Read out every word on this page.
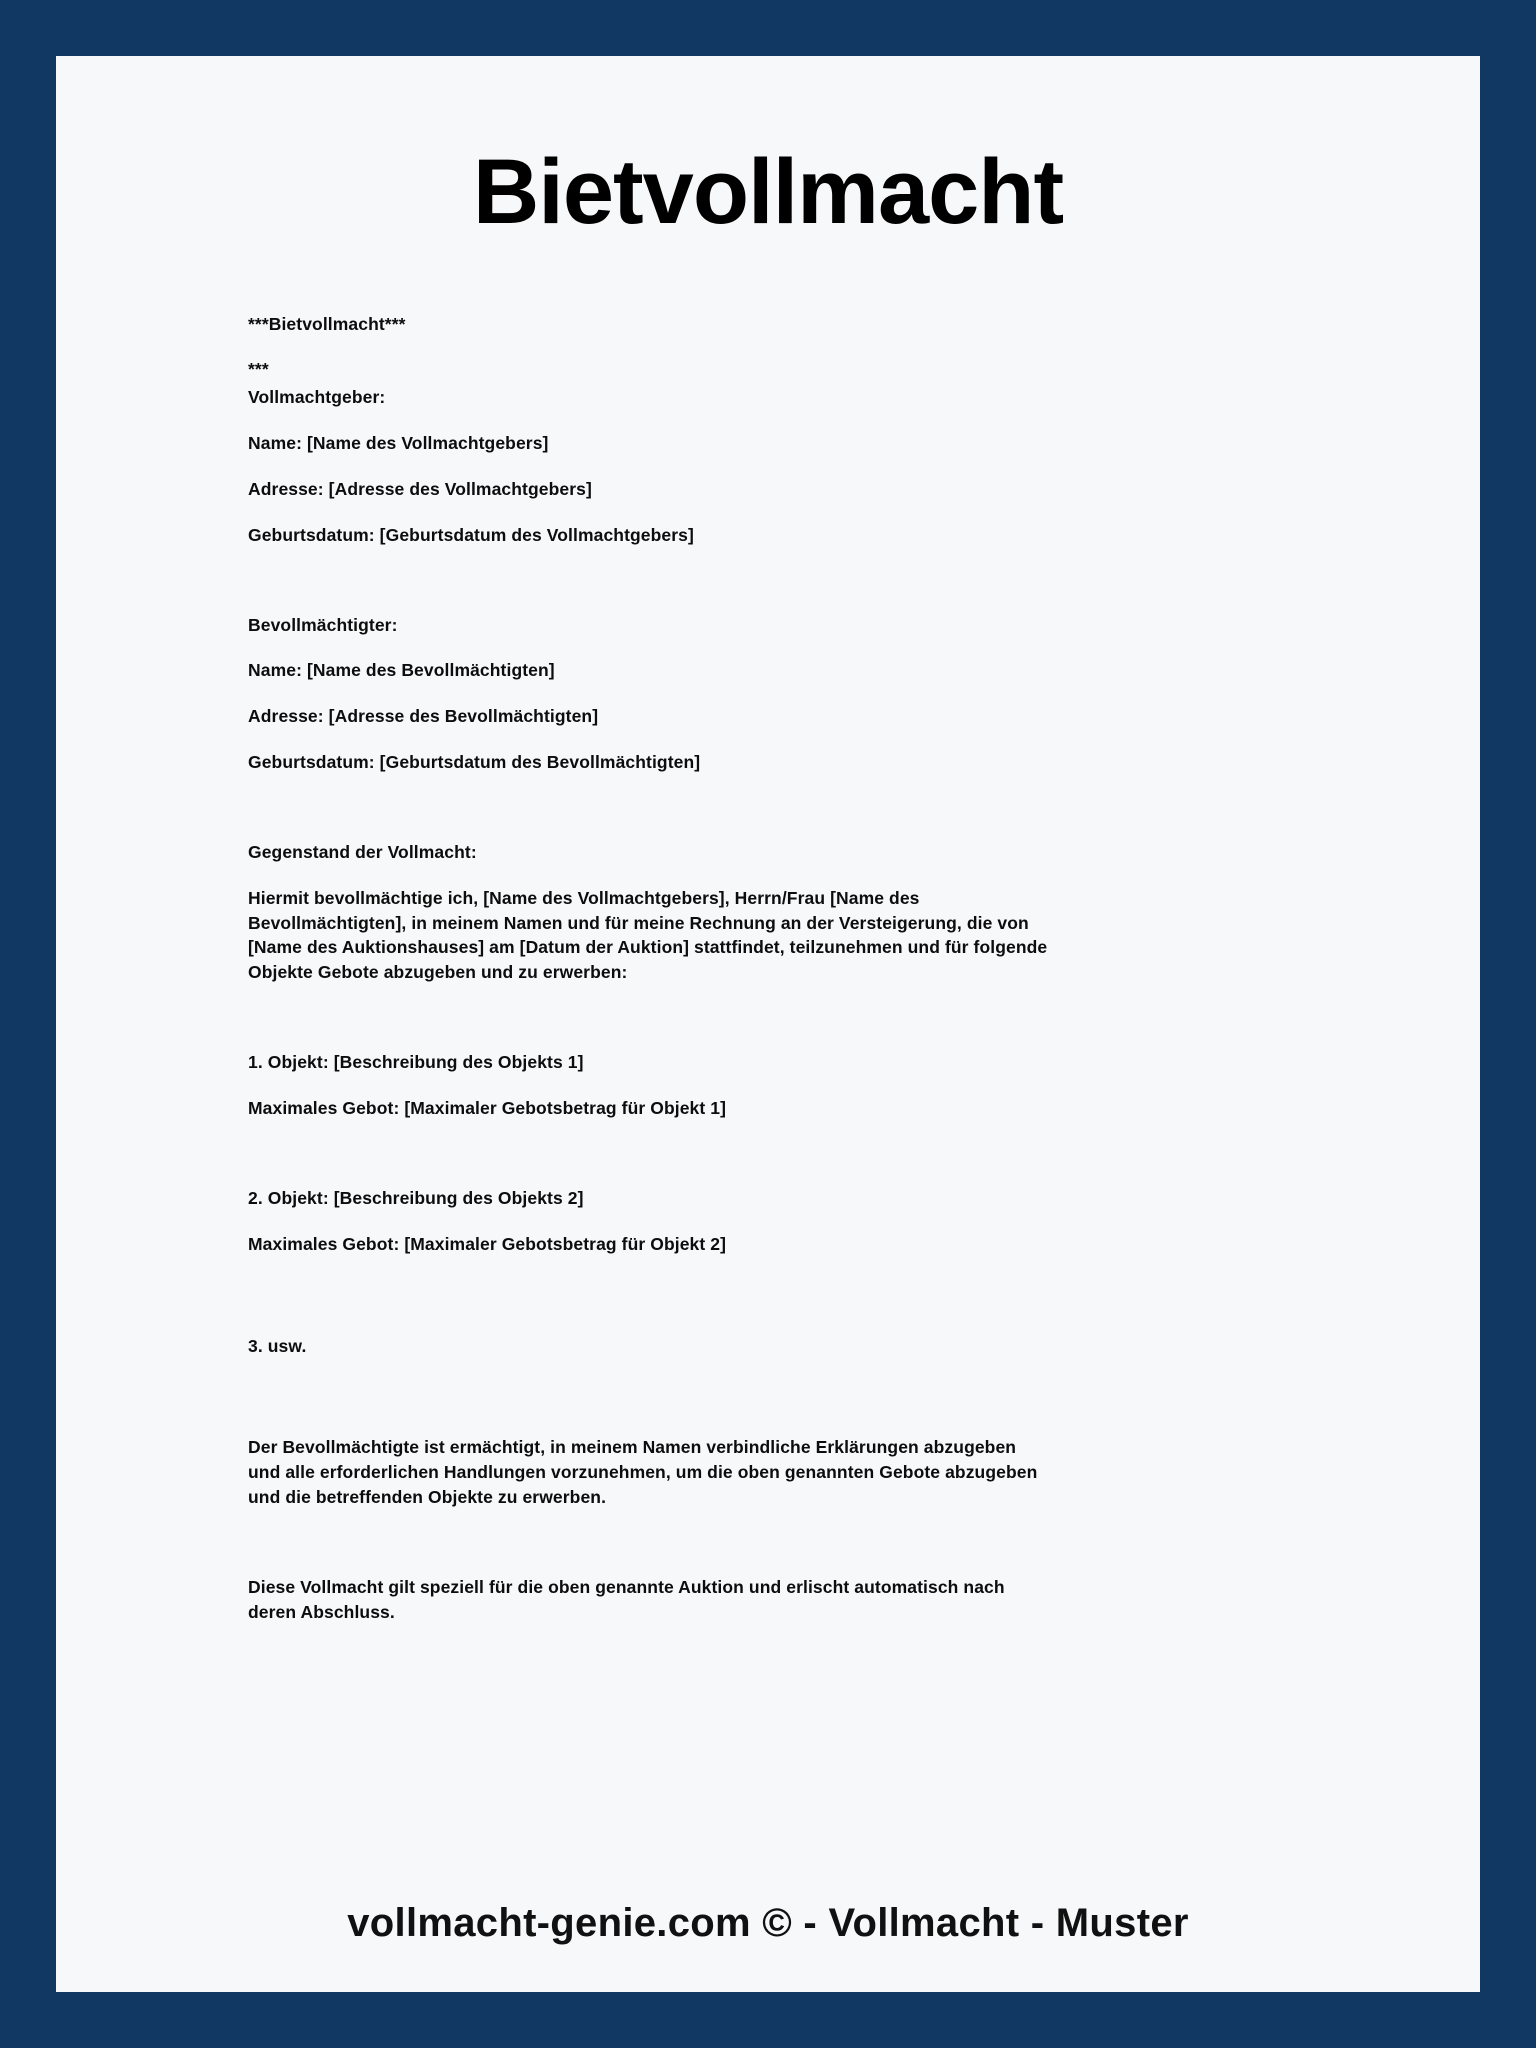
Bietvollmacht

***Bietvollmacht***

***

Vollmachtgeber:

Name: [Name des Vollmachtgebers]

Adresse: [Adresse des Vollmachtgebers]

Geburtsdatum: [Geburtsdatum des Vollmachtgebers]

Bevollmächtigter:

Name: [Name des Bevollmächtigten]

Adresse: [Adresse des Bevollmächtigten]

Geburtsdatum: [Geburtsdatum des Bevollmächtigten]

Gegenstand der Vollmacht:

Hiermit bevollmächtige ich, [Name des Vollmachtgebers], Herrn/Frau [Name des Bevollmächtigten], in meinem Namen und für meine Rechnung an der Versteigerung, die von [Name des Auktionshauses] am [Datum der Auktion] stattfindet, teilzunehmen und für folgende Objekte Gebote abzugeben und zu erwerben:

1. Objekt: [Beschreibung des Objekts 1]

Maximales Gebot: [Maximaler Gebotsbetrag für Objekt 1]

2. Objekt: [Beschreibung des Objekts 2]

Maximales Gebot: [Maximaler Gebotsbetrag für Objekt 2]

3. usw.

Der Bevollmächtigte ist ermächtigt, in meinem Namen verbindliche Erklärungen abzugeben und alle erforderlichen Handlungen vorzunehmen, um die oben genannten Gebote abzugeben und die betreffenden Objekte zu erwerben.

Diese Vollmacht gilt speziell für die oben genannte Auktion und erlischt automatisch nach deren Abschluss.

vollmacht-genie.com © - Vollmacht - Muster
